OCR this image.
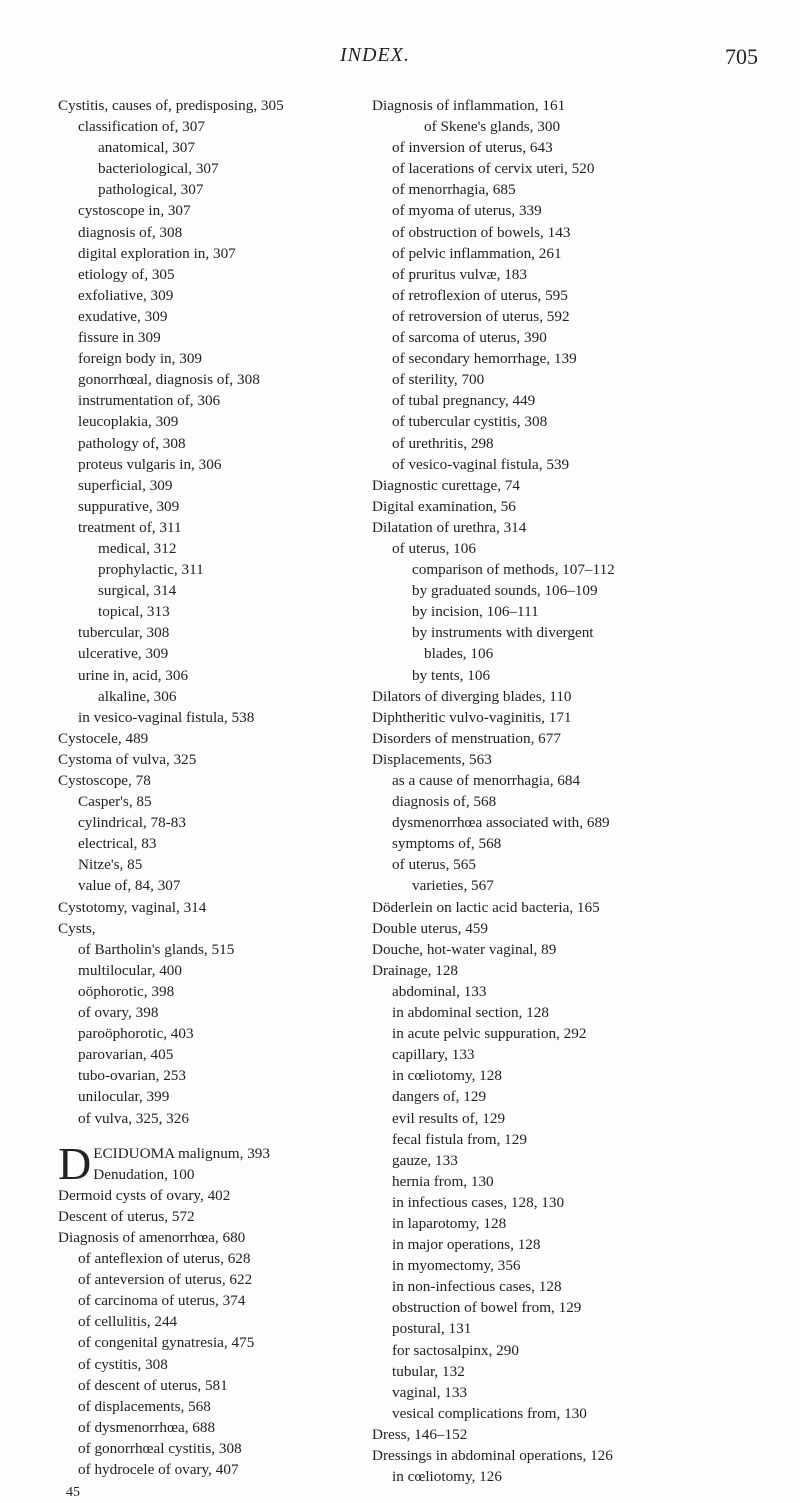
INDEX.	705
Cystitis, causes of, predisposing, 305
classification of, 307
anatomical, 307
bacteriological, 307
pathological, 307
cystoscope in, 307
diagnosis of, 308
digital exploration in, 307
etiology of, 305
exfoliative, 309
exudative, 309
fissure in 309
foreign body in, 309
gonorrhœal, diagnosis of, 308
instrumentation of, 306
leucoplakia, 309
pathology of, 308
proteus vulgaris in, 306
superficial, 309
suppurative, 309
treatment of, 311
medical, 312
prophylactic, 311
surgical, 314
topical, 313
tubercular, 308
ulcerative, 309
urine in, acid, 306
alkaline, 306
in vesico-vaginal fistula, 538
Cystocele, 489
Cystoma of vulva, 325
Cystoscope, 78
Casper's, 85
cylindrical, 78-83
electrical, 83
Nitze's, 85
value of, 84, 307
Cystotomy, vaginal, 314
Cysts,
of Bartholin's glands, 515
multilocular, 400
oöphorotic, 398
of ovary, 398
paroöphorotic, 403
parovarian, 405
tubo-ovarian, 253
unilocular, 399
of vulva, 325, 326
D ECIDUOMA malignum, 393
Denudation, 100
Dermoid cysts of ovary, 402
Descent of uterus, 572
Diagnosis of amenorrhœa, 680
of anteflexion of uterus, 628
of anteversion of uterus, 622
of carcinoma of uterus, 374
of cellulitis, 244
of congenital gynatresia, 475
of cystitis, 308
of descent of uterus, 581
of displacements, 568
of dysmenorrhœa, 688
of gonorrhœal cystitis, 308
of hydrocele of ovary, 407
45
Diagnosis of inflammation, 161
of Skene's glands, 300
of inversion of uterus, 643
of lacerations of cervix uteri, 520
of menorrhagia, 685
of myoma of uterus, 339
of obstruction of bowels, 143
of pelvic inflammation, 261
of pruritus vulvæ, 183
of retroflexion of uterus, 595
of retroversion of uterus, 592
of sarcoma of uterus, 390
of secondary hemorrhage, 139
of sterility, 700
of tubal pregnancy, 449
of tubercular cystitis, 308
of urethritis, 298
of vesico-vaginal fistula, 539
Diagnostic curettage, 74
Digital examination, 56
Dilatation of urethra, 314
of uterus, 106
comparison of methods, 107–112
by graduated sounds, 106–109
by incision, 106–111
by instruments with divergent
blades, 106
by tents, 106
Dilators of diverging blades, 110
Diphtheritic vulvo-vaginitis, 171
Disorders of menstruation, 677
Displacements, 563
as a cause of menorrhagia, 684
diagnosis of, 568
dysmenorrhœa associated with, 689
symptoms of, 568
of uterus, 565
varieties, 567
Döderlein on lactic acid bacteria, 165
Double uterus, 459
Douche, hot-water vaginal, 89
Drainage, 128
abdominal, 133
in abdominal section, 128
in acute pelvic suppuration, 292
capillary, 133
in cœliotomy, 128
dangers of, 129
evil results of, 129
fecal fistula from, 129
gauze, 133
hernia from, 130
in infectious cases, 128, 130
in laparotomy, 128
in major operations, 128
in myomectomy, 356
in non-infectious cases, 128
obstruction of bowel from, 129
postural, 131
for sactosalpinx, 290
tubular, 132
vaginal, 133
vesical complications from, 130
Dress, 146–152
Dressings in abdominal operations, 126
in cœliotomy, 126
